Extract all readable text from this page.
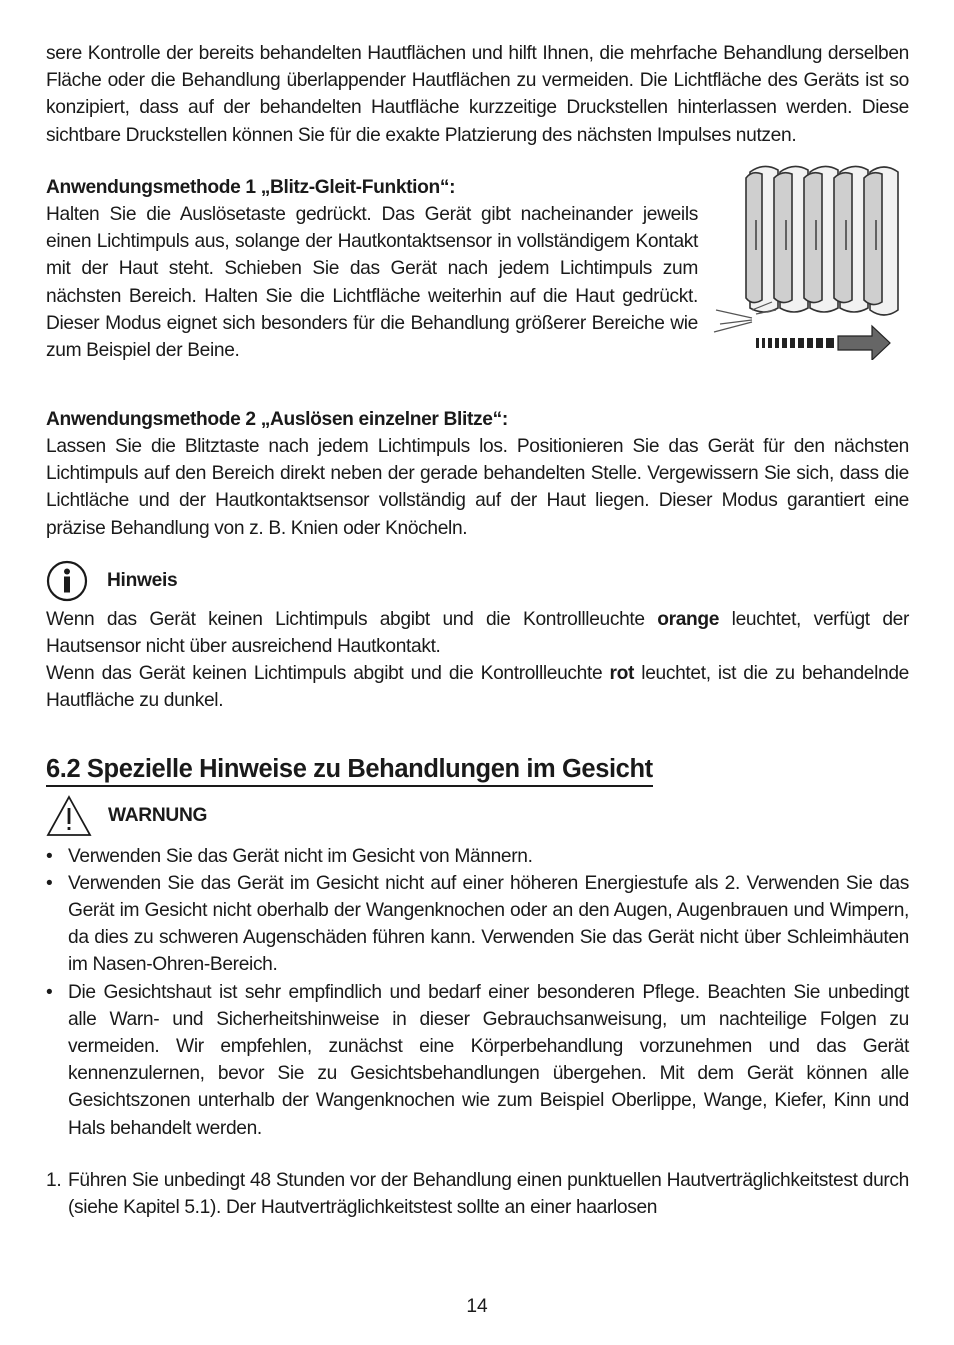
sere Kontrolle der bereits behandelten Hautflächen und hilft Ihnen, die mehrfache Behandlung derselben Fläche oder die Behandlung überlappender Hautflächen zu vermeiden. Die Lichtfläche des Geräts ist so konzipiert, dass auf der behandelten Hautfläche kurzzeitige Druckstellen hinterlassen werden. Diese sichtbare Druckstellen können Sie für die exakte Platzierung des nächsten Impulses nutzen.

Anwendungsmethode 1 „Blitz-Gleit-Funktion“:

Halten Sie die Auslösetaste gedrückt. Das Gerät gibt nacheinander jeweils einen Lichtimpuls aus, solange der Hautkontaktsensor in vollständigem Kontakt mit der Haut steht. Schieben Sie das Gerät nach jedem Lichtimpuls zum nächsten Bereich. Halten Sie die Lichtfläche weiterhin auf die Haut gedrückt. Dieser Modus eignet sich besonders für die Behandlung größerer Bereiche wie zum Beispiel der Beine.

Anwendungsmethode 2 „Auslösen einzelner Blitze“:

Lassen Sie die Blitztaste nach jedem Lichtimpuls los. Positionieren Sie das Gerät für den nächsten Lichtimpuls auf den Bereich direkt neben der gerade behandelten Stelle. Vergewissern Sie sich, dass die Lichtläche und der Hautkontaktsensor vollständig auf der Haut liegen. Dieser Modus garantiert eine präzise Behandlung von z. B. Knien oder Knöcheln.

Hinweis

Wenn das Gerät keinen Lichtimpuls abgibt und die Kontrollleuchte orange leuchtet, verfügt der Hautsensor nicht über ausreichend Hautkontakt.

Wenn das Gerät keinen Lichtimpuls abgibt und die Kontrollleuchte rot leuchtet, ist die zu behandelnde Hautfläche zu dunkel.

6.2 Spezielle Hinweise zu Behandlungen im Gesicht
WARNUNG
• Verwenden Sie das Gerät nicht im Gesicht von Männern.
• Verwenden Sie das Gerät im Gesicht nicht auf einer höheren Energiestufe als 2. Verwenden Sie das Gerät im Gesicht nicht oberhalb der Wangenknochen oder an den Augen, Augenbrauen und Wimpern, da dies zu schweren Augenschäden führen kann. Verwenden Sie das Gerät nicht über Schleimhäuten im Nasen-Ohren-Bereich.
• Die Gesichtshaut ist sehr empfindlich und bedarf einer besonderen Pflege. Beachten Sie unbedingt alle Warn- und Sicherheitshinweise in dieser Gebrauchsanweisung, um nachteilige Folgen zu vermeiden. Wir empfehlen, zunächst eine Körperbehandlung vorzunehmen und das Gerät kennenzulernen, bevor Sie zu Gesichtsbehandlungen übergehen. Mit dem Gerät können alle Gesichtszonen unterhalb der Wangenknochen wie zum Beispiel Oberlippe, Wange, Kiefer, Kinn und Hals behandelt werden.
1. Führen Sie unbedingt 48 Stunden vor der Behandlung einen punktuellen Hautverträglichkeitstest durch (siehe Kapitel 5.1). Der Hautverträglichkeitstest sollte an einer haarlosen
14
